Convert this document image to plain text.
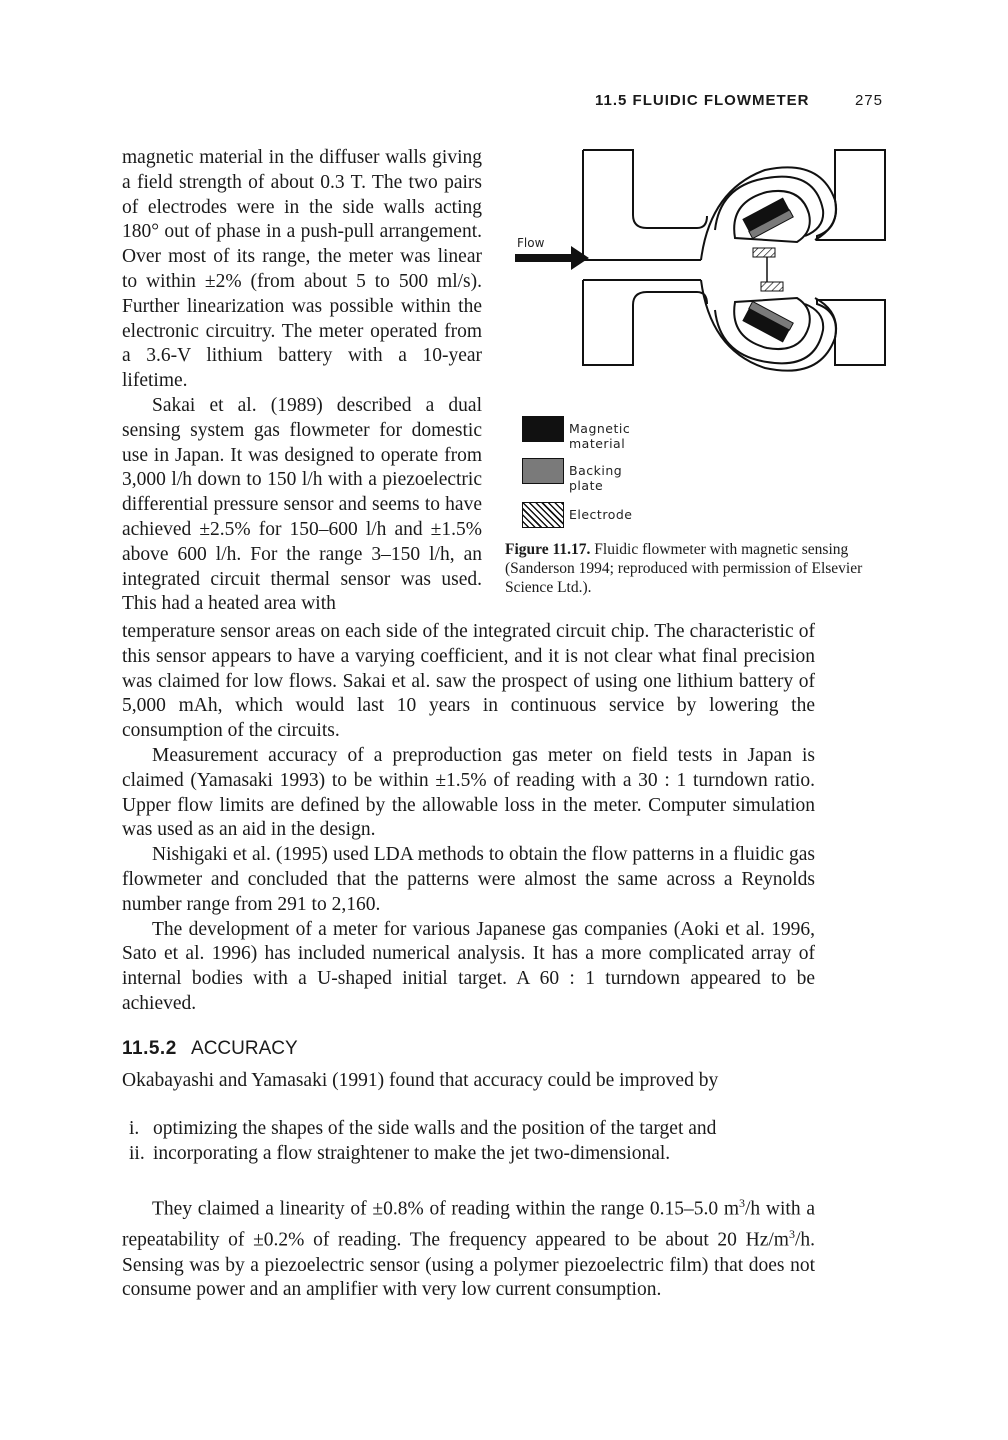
11.5 FLUIDIC FLOWMETER	275

magnetic material in the diffuser walls giving a field strength of about 0.3 T. The two pairs of electrodes were in the side walls acting 180° out of phase in a push-pull arrangement. Over most of its range, the meter was linear to within ±2% (from about 5 to 500 ml/s). Further linearization was possible within the electronic circuitry. The meter operated from a 3.6-V lithium battery with a 10-year lifetime.

Sakai et al. (1989) described a dual sensing system gas flowmeter for domestic use in Japan. It was designed to operate from 3,000 l/h down to 150 l/h with a piezoelectric differential pressure sensor and seems to have achieved ±2.5% for 150–600 l/h and ±1.5% above 600 l/h. For the range 3–150 l/h, an integrated circuit thermal sensor was used. This had a heated area with

Flow
Magnetic material
Backing plate
Electrode
Figure 11.17. Fluidic flowmeter with magnetic sensing (Sanderson 1994; reproduced with permission of Elsevier Science Ltd.).

temperature sensor areas on each side of the integrated circuit chip. The characteristic of this sensor appears to have a varying coefficient, and it is not clear what final precision was claimed for low flows. Sakai et al. saw the prospect of using one lithium battery of 5,000 mAh, which would last 10 years in continuous service by lowering the consumption of the circuits.

Measurement accuracy of a preproduction gas meter on field tests in Japan is claimed (Yamasaki 1993) to be within ±1.5% of reading with a 30 : 1 turndown ratio. Upper flow limits are defined by the allowable loss in the meter. Computer simulation was used as an aid in the design.

Nishigaki et al. (1995) used LDA methods to obtain the flow patterns in a fluidic gas flowmeter and concluded that the patterns were almost the same across a Reynolds number range from 291 to 2,160.

The development of a meter for various Japanese gas companies (Aoki et al. 1996, Sato et al. 1996) has included numerical analysis. It has a more complicated array of internal bodies with a U-shaped initial target. A 60 : 1 turndown appeared to be achieved.

11.5.2 ACCURACY

Okabayashi and Yamasaki (1991) found that accuracy could be improved by

i. optimizing the shapes of the side walls and the position of the target and
ii. incorporating a flow straightener to make the jet two-dimensional.

They claimed a linearity of ±0.8% of reading within the range 0.15–5.0 $m^3/h$ with a repeatability of ±0.2% of reading. The frequency appeared to be about 20 $Hz/m^3/h$. Sensing was by a piezoelectric sensor (using a polymer piezoelectric film) that does not consume power and an amplifier with very low current consumption.
